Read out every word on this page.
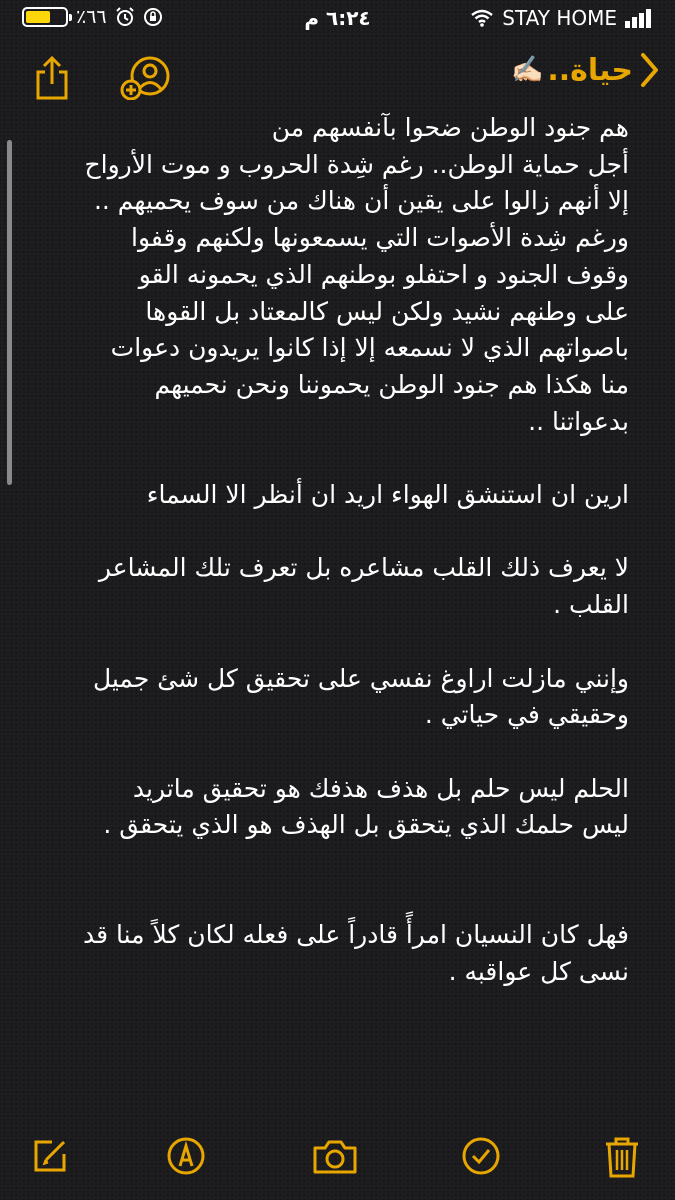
٪٦٦	٦:٢٤ م	STAY HOME
حياة..
✍🏻

هم جنود الوطن ضحوا بآنفسهم من

أجل حماية الوطن.. رغم شِدة الحروب و موت الأرواح

إلا أنهم زالوا على يقين أن هناك من سوف يحميهم ..

ورغم شِدة الأصوات التي يسمعونها ولكنهم وقفوا

وقوف الجنود و احتفلو بوطنهم الذي يحمونه القو

على وطنهم نشيد ولكن ليس كالمعتاد بل القوها

باصواتهم الذي لا نسمعه إلا إذا كانوا يريدون دعوات

منا هكذا هم جنود الوطن يحموننا ونحن نحميهم

بدعواتنا ..

ارين ان استنشق الهواء اريد ان أنظر الا السماء

لا يعرف ذلك القلب مشاعره بل تعرف تلك المشاعر

القلب .

وإنني مازلت اراوغ نفسي على تحقيق كل شئ جميل

وحقيقي في حياتي .

الحلم ليس حلم بل هذف هذفك هو تحقيق ماتريد

ليس حلمك الذي يتحقق بل الهذف هو الذي يتحقق .

فهل كان النسيان امرأً قادراً على فعله لكان كلاً منا قد

نسى كل عواقبه .
